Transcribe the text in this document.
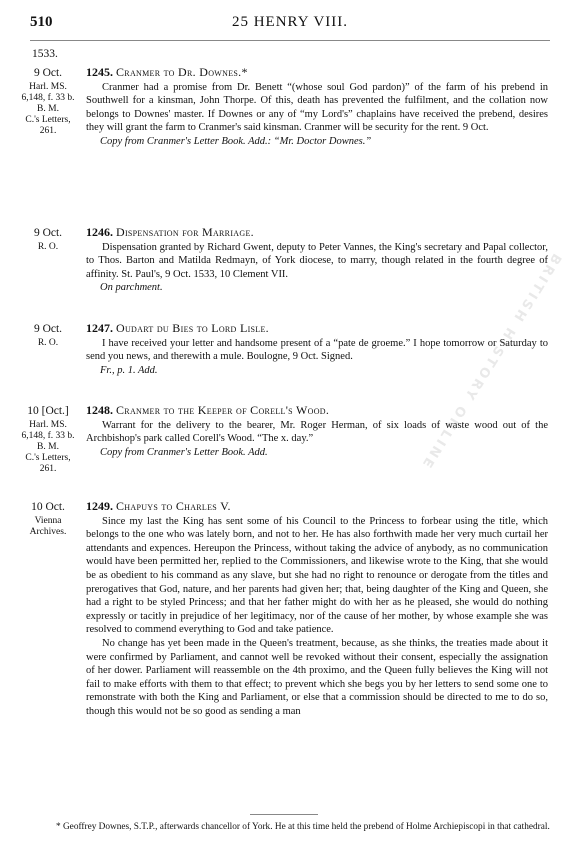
510	25 HENRY VIII.
1533.
9 Oct.
Harl. MS.
6,148, f. 33 b.
B. M.
C.'s Letters,
261.
1245. Cranmer to Dr. Downes.*

Cranmer had a promise from Dr. Benett “(whose soul God pardon)” of the farm of his prebend in Southwell for a kinsman, John Thorpe. Of this, death has prevented the fulfilment, and the collation now belongs to Downes' master. If Downes or any of “my Lord's” chaplains have received the prebend, desires they will grant the farm to Cranmer's said kinsman. Cranmer will be security for the rent. 9 Oct.

Copy from Cranmer's Letter Book. Add.: “Mr. Doctor Downes.”

9 Oct.
R. O.
1246. Dispensation for Marriage.

Dispensation granted by Richard Gwent, deputy to Peter Vannes, the King's secretary and Papal collector, to Thos. Barton and Matilda Redmayn, of York diocese, to marry, though related in the fourth degree of affinity. St. Paul's, 9 Oct. 1533, 10 Clement VII.

On parchment.

9 Oct.
R. O.
1247. Oudart du Bies to Lord Lisle.

I have received your letter and handsome present of a “pate de groeme.” I hope tomorrow or Saturday to send you news, and therewith a mule. Boulogne, 9 Oct. Signed.

Fr., p. 1. Add.

10 [Oct.]
Harl. MS.
6,148, f. 33 b.
B. M.
C.'s Letters,
261.
1248. Cranmer to the Keeper of Corell's Wood.

Warrant for the delivery to the bearer, Mr. Roger Herman, of six loads of waste wood out of the Archbishop's park called Corell's Wood. “The x. day.”

Copy from Cranmer's Letter Book. Add.

10 Oct.
Vienna
Archives.
1249. Chapuys to Charles V.

Since my last the King has sent some of his Council to the Princess to forbear using the title, which belongs to the one who was lately born, and not to her. He has also forthwith made her very much curtail her attendants and expences. Hereupon the Princess, without taking the advice of anybody, as no communication would have been permitted her, replied to the Commissioners, and likewise wrote to the King, that she would be as obedient to his command as any slave, but she had no right to renounce or derogate from the titles and prerogatives that God, nature, and her parents had given her; that, being daughter of the King and Queen, she had a right to be styled Princess; and that her father might do with her as he pleased, she would do nothing expressly or tacitly in prejudice of her legitimacy, nor of the cause of her mother, by whose example she was resolved to commend everything to God and take patience.

No change has yet been made in the Queen's treatment, because, as she thinks, the treaties made about it were confirmed by Parliament, and cannot well be revoked without their consent, especially the assignation of her dower. Parliament will reassemble on the 4th proximo, and the Queen fully believes the King will not fail to make efforts with them to that effect; to prevent which she begs you by her letters to send some one to remonstrate with both the King and Parliament, or else that a commission should be directed to me to do so, though this would not be so good as sending a man

* Geoffrey Downes, S.T.P., afterwards chancellor of York. He at this time held the prebend of Holme Archiepiscopi in that cathedral.
BRITISH HISTORY ONLINE
